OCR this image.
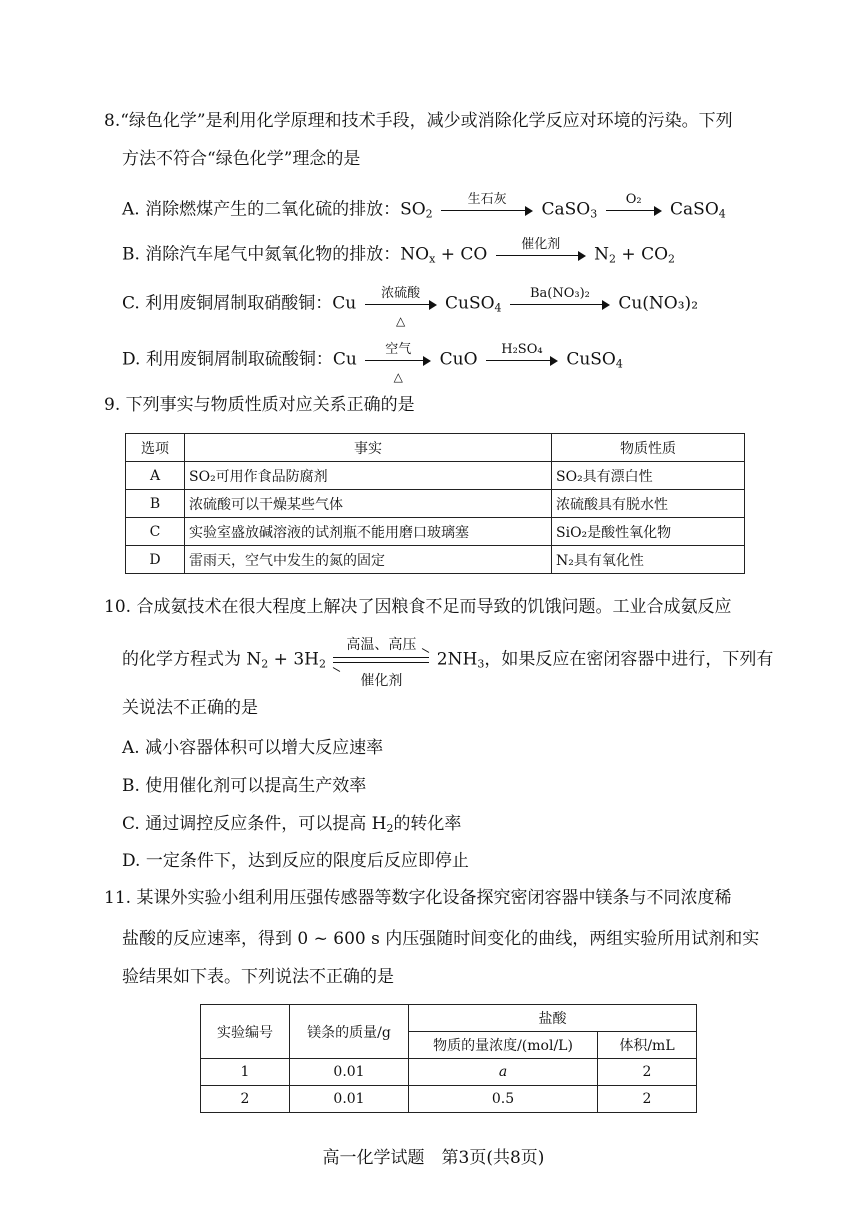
8.“绿色化学”是利用化学原理和技术手段，减少或消除化学反应对环境的污染。下列
方法不符合“绿色化学”理念的是
A. 消除燃煤产生的二氧化硫的排放：$SO_2$
生石灰	CaSO$_3$
O₂	CaSO$_4$
B. 消除汽车尾气中氮氧化物的排放：$NO_x$ + CO	催化剂	$N_2 + CO_2$
C. 利用废铜屑制取硝酸铜：Cu	浓硫酸
△
CuSO$_4$
Ba(NO₃)₂	Cu(NO₃)₂
D. 利用废铜屑制取硫酸铜：Cu	空气
△
CuO	H₂SO₄	CuSO$_4$
9. 下列事实与物质性质对应关系正确的是
选项	事实	物质性质
A	SO₂可用作食品防腐剂	SO₂具有漂白性
B	浓硫酸可以干燥某些气体	浓硫酸具有脱水性
C	实验室盛放碱溶液的试剂瓶不能用磨口玻璃塞	SiO₂是酸性氧化物
D	雷雨天，空气中发生的氮的固定	N₂具有氧化性
10. 合成氨技术在很大程度上解决了因粮食不足而导致的饥饿问题。工业合成氨反应
的化学方程式为 $N_2 + 3H_2$
高温、高压
催化剂
$2NH_3$，如果反应在密闭容器中进行，下列有
关说法不正确的是
A. 减小容器体积可以增大反应速率
B. 使用催化剂可以提高生产效率
C. 通过调控反应条件，可以提高 $H_2$的转化率
D. 一定条件下，达到反应的限度后反应即停止
11. 某课外实验小组利用压强传感器等数字化设备探究密闭容器中镁条与不同浓度稀
盐酸的反应速率，得到 0 ~ 600 s 内压强随时间变化的曲线，两组实验所用试剂和实
验结果如下表。下列说法不正确的是
实验编号	镁条的质量/g	盐酸	
		物质的量浓度/(mol/L)	体积/mL
1	0.01	a	2
2	0.01	0.5	2
高一化学试题　第3页(共8页)
